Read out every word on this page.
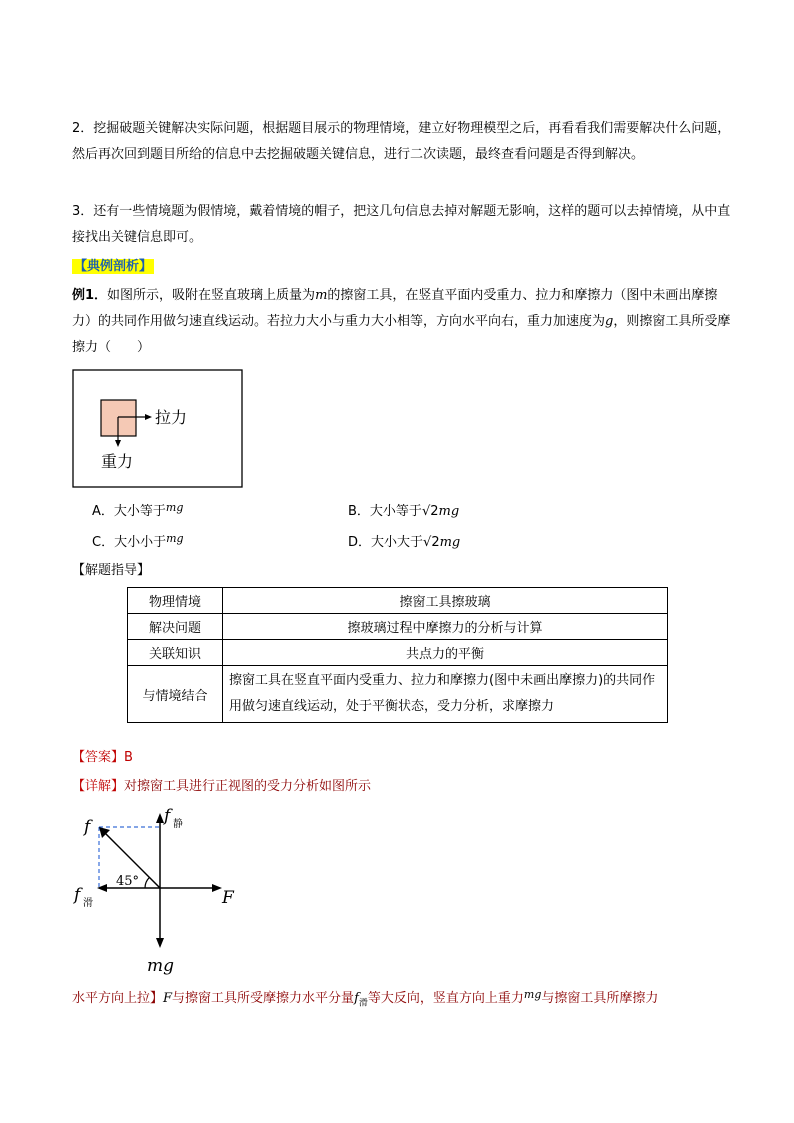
2．挖掘破题关键解决实际问题，根据题目展示的物理情境，建立好物理模型之后，再看看我们需要解决什么问题，然后再次回到题目所给的信息中去挖掘破题关键信息，进行二次读题，最终查看问题是否得到解决。
3．还有一些情境题为假情境，戴着情境的帽子，把这几句信息去掉对解题无影响，这样的题可以去掉情境，从中直接找出关键信息即可。
【典例剖析】
例1．如图所示，吸附在竖直玻璃上质量为m的擦窗工具，在竖直平面内受重力、拉力和摩擦力（图中未画出摩擦力）的共同作用做匀速直线运动。若拉力大小与重力大小相等，方向水平向右，重力加速度为g，则擦窗工具所受摩擦力（　　）
拉力
重力
A．大小等于$^{mg}$	B．大小等于√2mg
C．大小小于$^{mg}$	D．大小大于√2mg
【解题指导】
物理情境	擦窗工具擦玻璃
解决问题	擦玻璃过程中摩擦力的分析与计算
关联知识	共点力的平衡
与情境结合	擦窗工具在竖直平面内受重力、拉力和摩擦力(图中未画出摩擦力)的共同作用做匀速直线运动，处于平衡状态，受力分析，求摩擦力
【答案】B
【详解】对擦窗工具进行正视图的受力分析如图所示
f
f 静
f 滑	F
mg
45°
水平方向上拉】F与擦窗工具所受摩擦力水平分量$f_滑$等大反向，竖直方向上重力$^{mg}$与擦窗工具所摩擦力
